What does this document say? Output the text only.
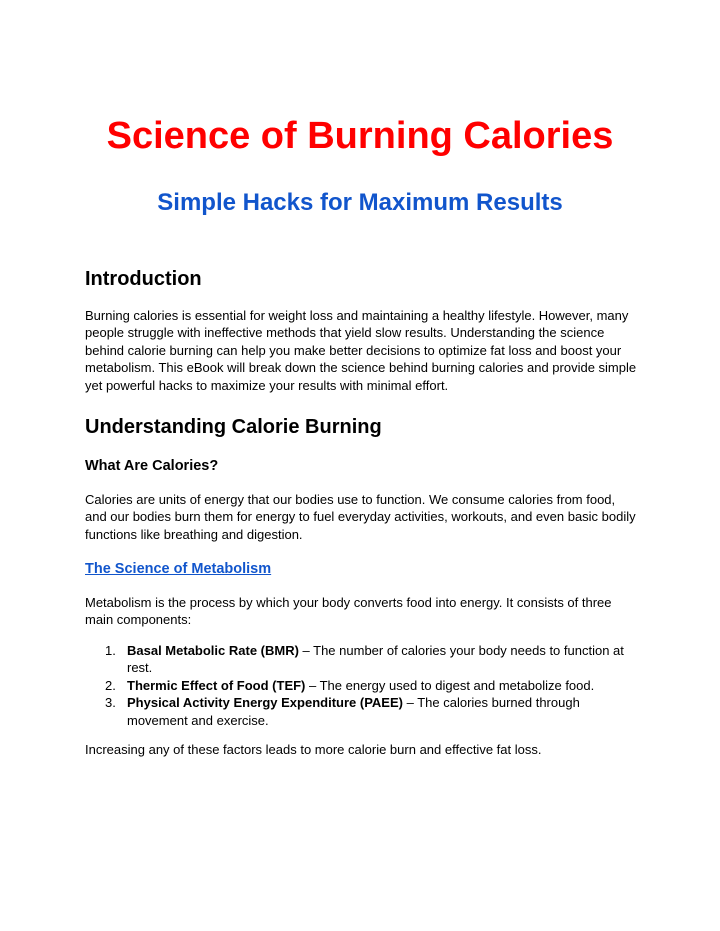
Science of Burning Calories
Simple Hacks for Maximum Results
Introduction

Burning calories is essential for weight loss and maintaining a healthy lifestyle. However, many people struggle with ineffective methods that yield slow results. Understanding the science behind calorie burning can help you make better decisions to optimize fat loss and boost your metabolism. This eBook will break down the science behind burning calories and provide simple yet powerful hacks to maximize your results with minimal effort.

Understanding Calorie Burning
What Are Calories?

Calories are units of energy that our bodies use to function. We consume calories from food, and our bodies burn them for energy to fuel everyday activities, workouts, and even basic bodily functions like breathing and digestion.

The Science of Metabolism

Metabolism is the process by which your body converts food into energy. It consists of three main components:

1. Basal Metabolic Rate (BMR) – The number of calories your body needs to function at rest.
2. Thermic Effect of Food (TEF) – The energy used to digest and metabolize food.
3. Physical Activity Energy Expenditure (PAEE) – The calories burned through movement and exercise.

Increasing any of these factors leads to more calorie burn and effective fat loss.
